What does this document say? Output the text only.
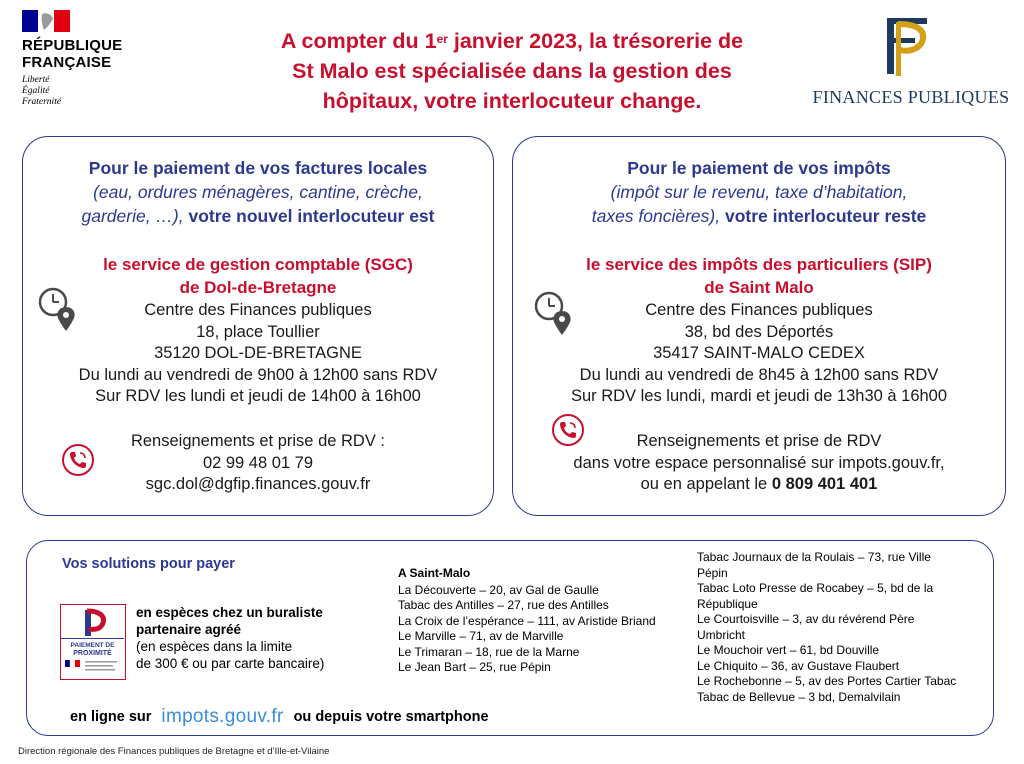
RÉPUBLIQUE
FRANÇAISE
Liberté
Égalité
Fraternité
A compter du 1er janvier 2023, la trésorerie de
St Malo est spécialisée dans la gestion des
hôpitaux, votre interlocuteur change.	FINANCES PUBLIQUES
Pour le paiement de vos factures locales
(eau, ordures ménagères, cantine, crèche,
garderie, …), votre nouvel interlocuteur est
le service de gestion comptable (SGC)
de Dol-de-Bretagne
Centre des Finances publiques
18, place Toullier
35120 DOL-DE-BRETAGNE
Du lundi au vendredi de 9h00 à 12h00 sans RDV
Sur RDV les lundi et jeudi de 14h00 à 16h00
Renseignements et prise de RDV :
02 99 48 01 79
sgc.dol@dgfip.finances.gouv.fr
Pour le paiement de vos impôts
(impôt sur le revenu, taxe d’habitation,
taxes foncières), votre interlocuteur reste
le service des impôts des particuliers (SIP)
de Saint Malo
Centre des Finances publiques
38, bd des Déportés
35417 SAINT-MALO CEDEX
Du lundi au vendredi de 8h45 à 12h00 sans RDV
Sur RDV les lundi, mardi et jeudi de 13h30 à 16h00
Renseignements et prise de RDV
dans votre espace personnalisé sur impots.gouv.fr,
ou en appelant le 0 809 401 401
Vos solutions pour payer
PAIEMENT DE
PROXIMITÉ
en espèces chez un buraliste
partenaire agréé
(en espèces dans la limite
de 300 € ou par carte bancaire)
en ligne sur impots.gouv.fr ou depuis votre smartphone
A Saint-Malo
La Découverte – 20, av Gal de Gaulle
Tabac des Antilles – 27, rue des Antilles
La Croix de l’espérance – 111, av Aristide Briand
Le Marville – 71, av de Marville
Le Trimaran – 18, rue de la Marne
Le Jean Bart – 25, rue Pépin
Tabac Journaux de la Roulais – 73, rue Ville Pépin
Tabac Loto Presse de Rocabey – 5, bd de la République
Le Courtoisville – 3, av du révérend Père Umbricht
Le Mouchoir vert – 61, bd Douville
Le Chiquito – 36, av Gustave Flaubert
Le Rochebonne – 5, av des Portes Cartier Tabac
Tabac de Bellevue – 3 bd, Demalvilain
Direction régionale des Finances publiques de Bretagne et d’Ille-et-Vilaine
